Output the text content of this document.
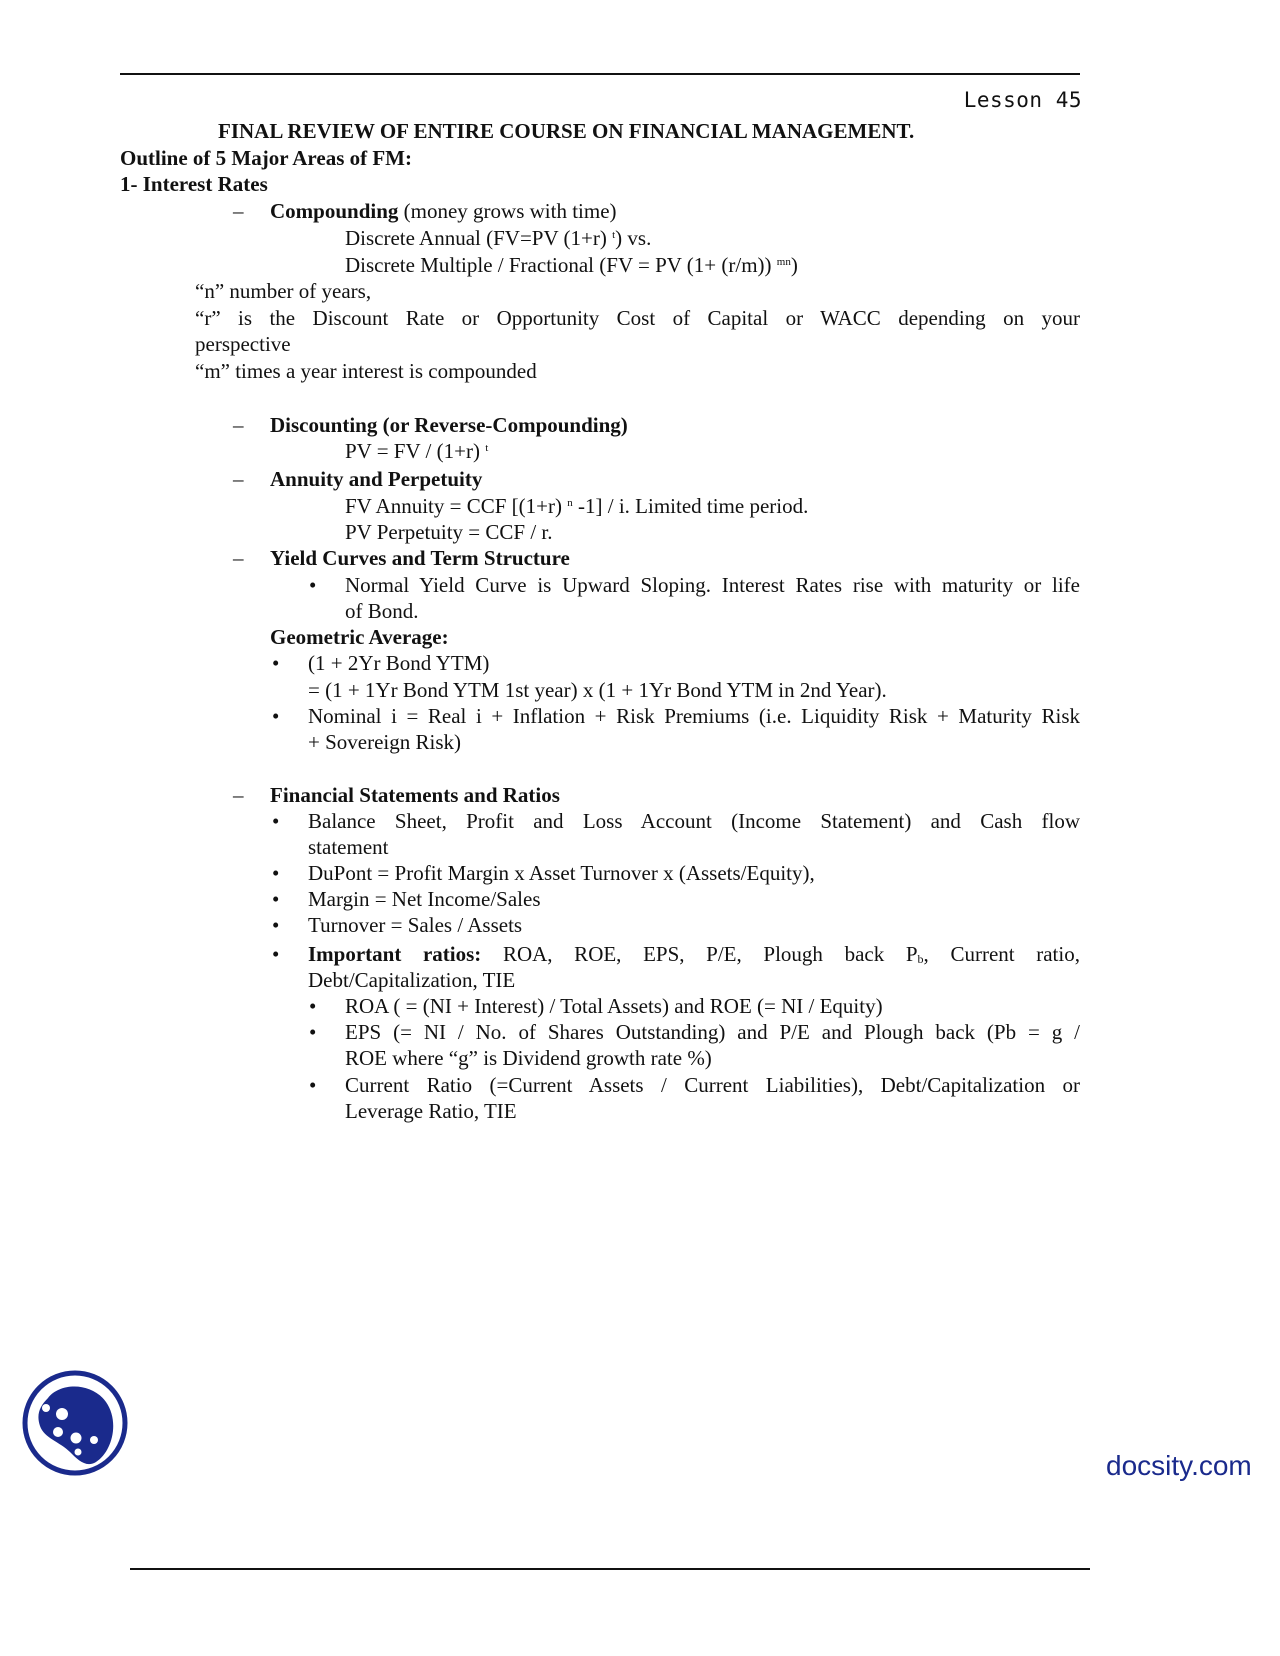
Lesson 45
FINAL REVIEW OF ENTIRE COURSE ON FINANCIAL MANAGEMENT.
Outline of 5 Major Areas of FM:
1- Interest Rates
– Compounding (money grows with time)
Discrete Annual (FV=PV (1+r) $^t$) vs.
Discrete Multiple / Fractional (FV = PV (1+ (r/m)) $^{mn}$)
“n” number of years,
“r” is the Discount Rate or Opportunity Cost of Capital or WACC depending on your
perspective
“m” times a year interest is compounded
– Discounting (or Reverse-Compounding)
PV = FV / (1+r) $^t$
– Annuity and Perpetuity
FV Annuity = CCF [(1+r) $^n$ -1] / i. Limited time period.
PV Perpetuity = CCF / r.
– Yield Curves and Term Structure
• Normal Yield Curve is Upward Sloping. Interest Rates rise with maturity or life
of Bond.
Geometric Average:
• (1 + 2Yr Bond YTM)
= (1 + 1Yr Bond YTM 1st year) x (1 + 1Yr Bond YTM in 2nd Year).
• Nominal i = Real i + Inflation + Risk Premiums (i.e. Liquidity Risk + Maturity Risk
+ Sovereign Risk)
– Financial Statements and Ratios
• Balance Sheet, Profit and Loss Account (Income Statement) and Cash flow
statement
• DuPont = Profit Margin x Asset Turnover x (Assets/Equity),
• Margin = Net Income/Sales
• Turnover = Sales / Assets
• Important ratios: ROA, ROE, EPS, P/E, Plough back $P_b$, Current ratio,
Debt/Capitalization, TIE
• ROA ( = (NI + Interest) / Total Assets) and ROE (= NI / Equity)
• EPS (= NI / No. of Shares Outstanding) and P/E and Plough back (Pb = g /
ROE where “g” is Dividend growth rate %)
• Current Ratio (=Current Assets / Current Liabilities), Debt/Capitalization or
Leverage Ratio, TIE
docsity.com
